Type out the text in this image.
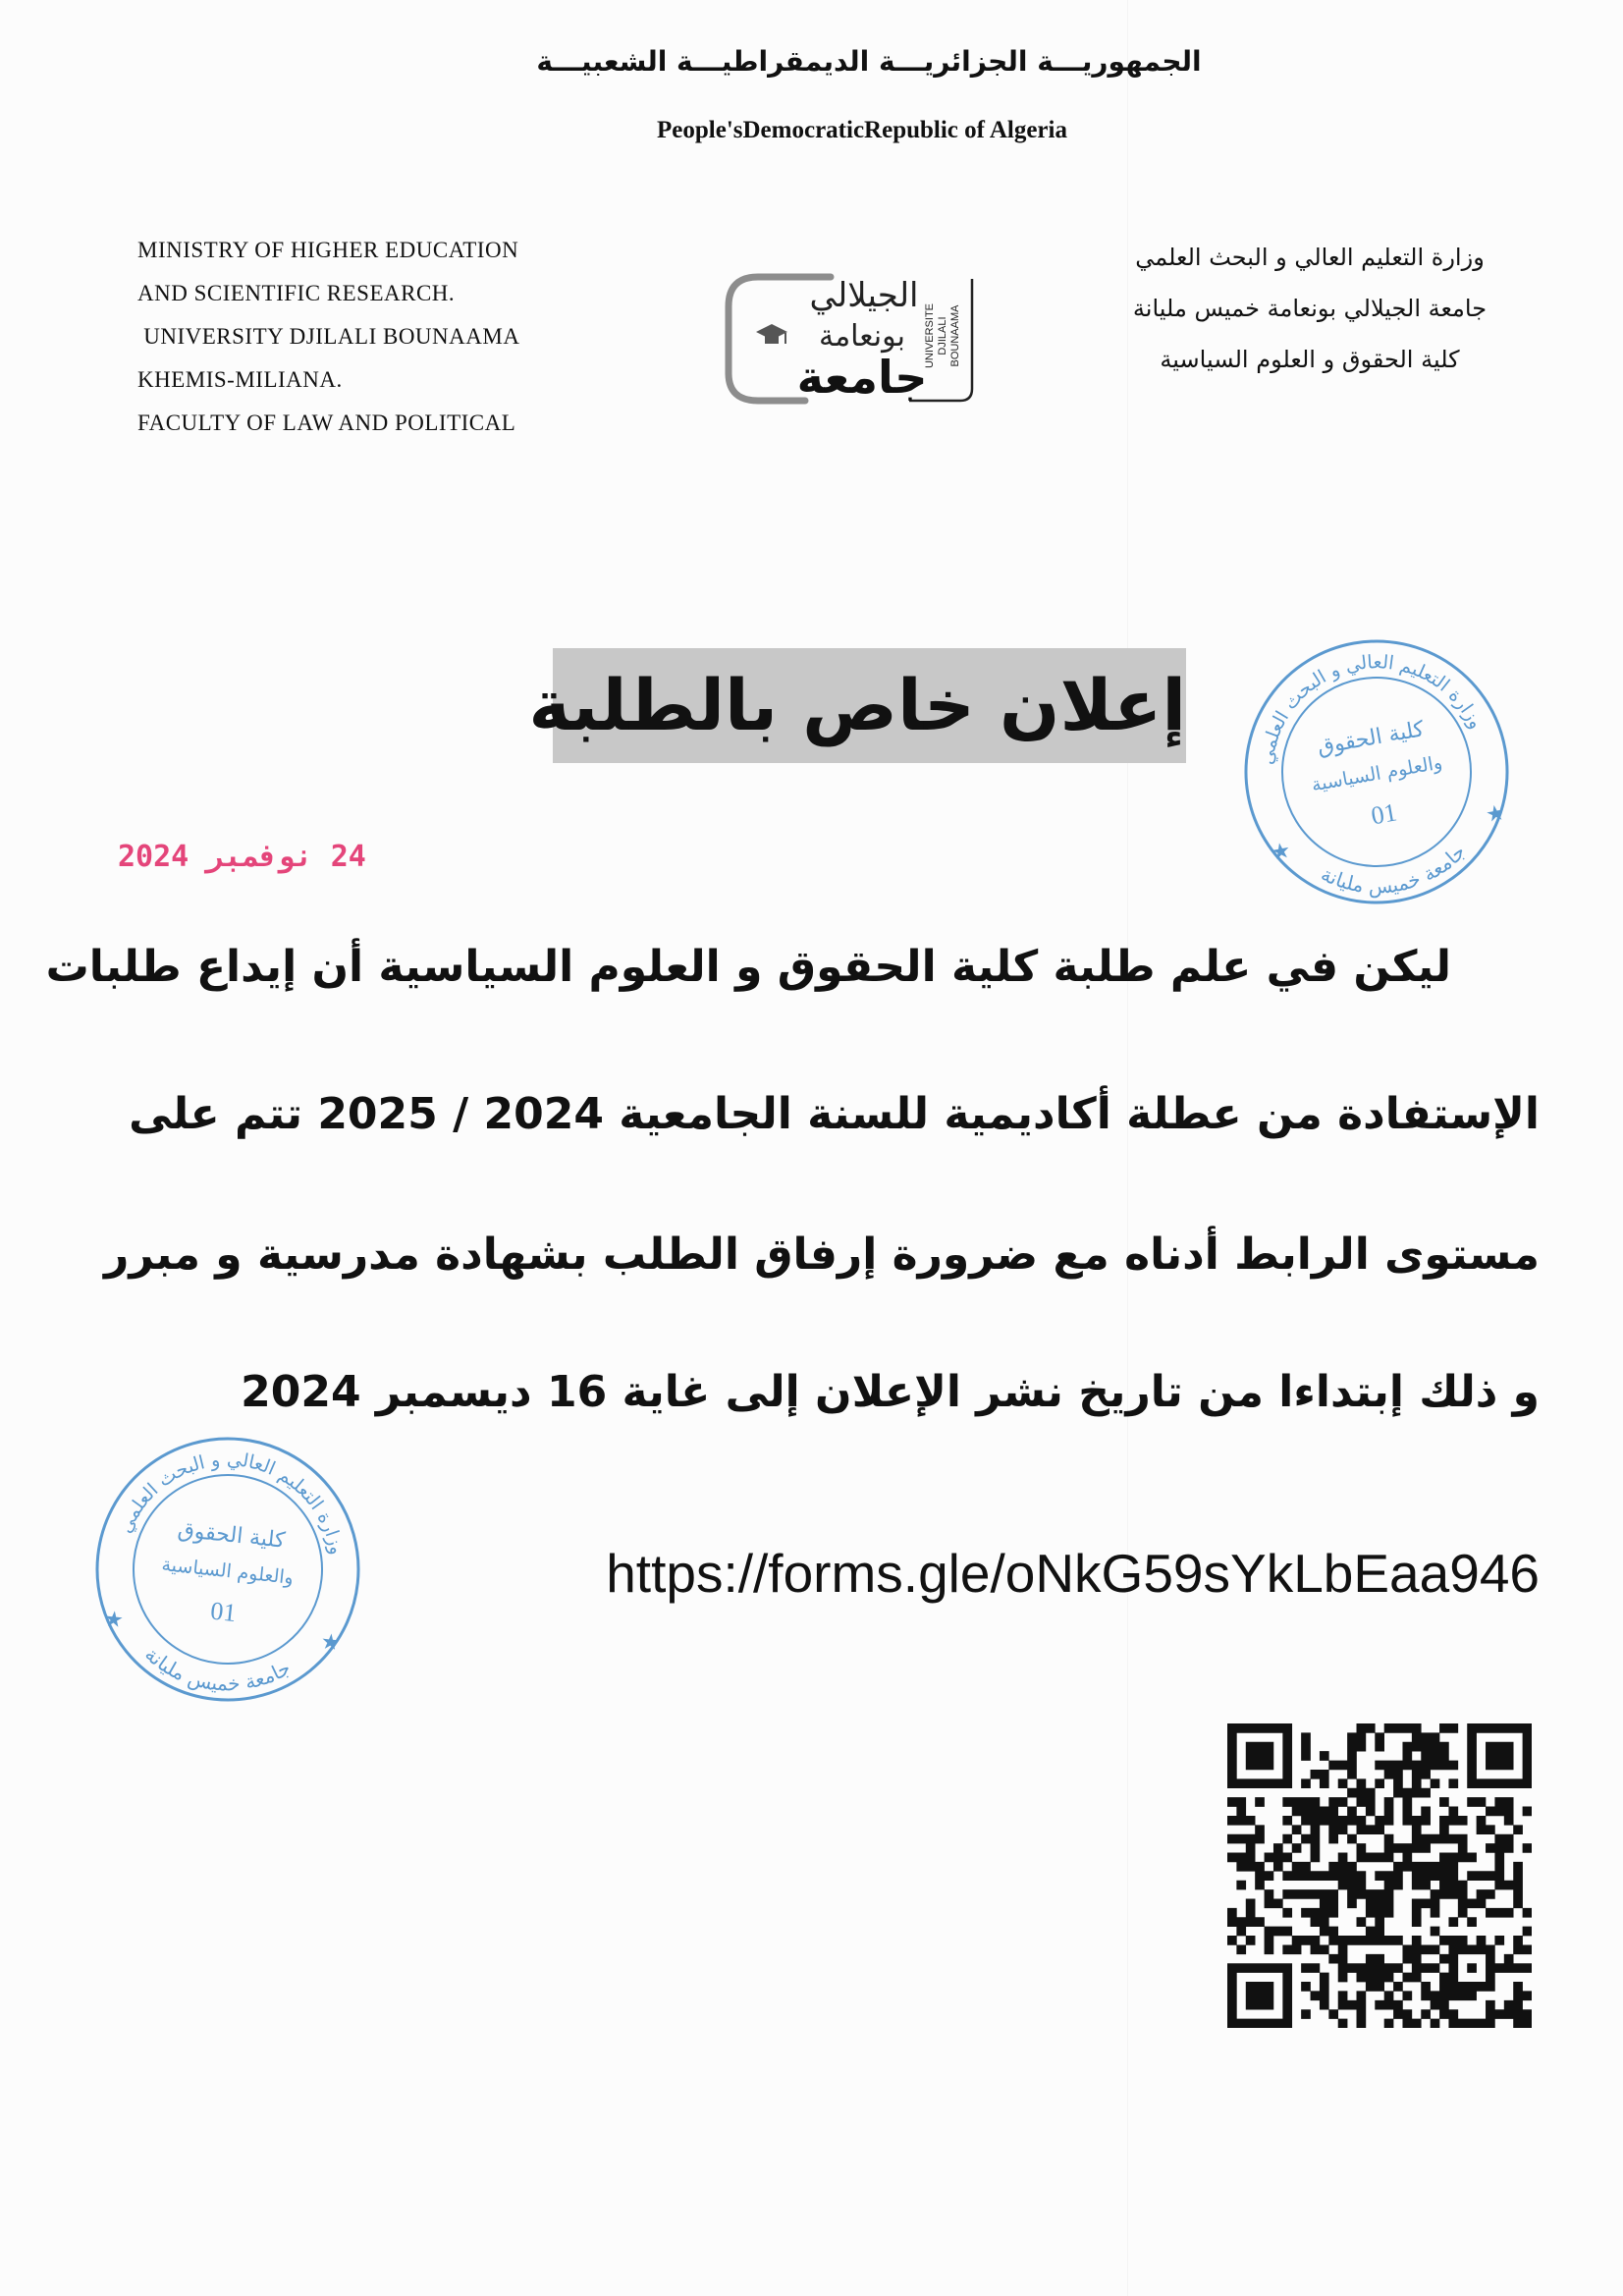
الجمهوريـــة الجزائريـــة الديمقراطيـــة الشعبيـــة
People'sDemocraticRepublic of Algeria
MINISTRY OF HIGHER EDUCATION
AND SCIENTIFIC RESEARCH.
UNIVERSITY DJILALI BOUNAAMA
KHEMIS-MILIANA.
FACULTY OF LAW AND POLITICAL
وزارة التعليم العالي و البحث العلمي
جامعة الجيلالي بونعامة خميس مليانة
كلية الحقوق و العلوم السياسية
الجيلالي
بونعامة
جامعة
UNIVERSITE DJILALI BOUNAAMA
إعلان خاص بالطلبة
وزارة التعليم العالي و البحث العلمي
جامعة خميس مليانة
كلية الحقوق
والعلوم السياسية
01
★
★
24 نوفمبر 2024
ليكن في علم طلبة كلية الحقوق و العلوم السياسية أن إيداع طلبات
الإستفادة من عطلة أكاديمية للسنة الجامعية 2024 / 2025 تتم على
مستوى الرابط أدناه مع ضرورة إرفاق الطلب بشهادة مدرسية و مبرر
و ذلك إبتداءا من تاريخ نشر الإعلان إلى غاية 16 ديسمبر 2024
https://forms.gle/oNkG59sYkLbEaa946
وزارة التعليم العالي و البحث العلمي
جامعة خميس مليانة
كلية الحقوق
والعلوم السياسية
01
★
★
